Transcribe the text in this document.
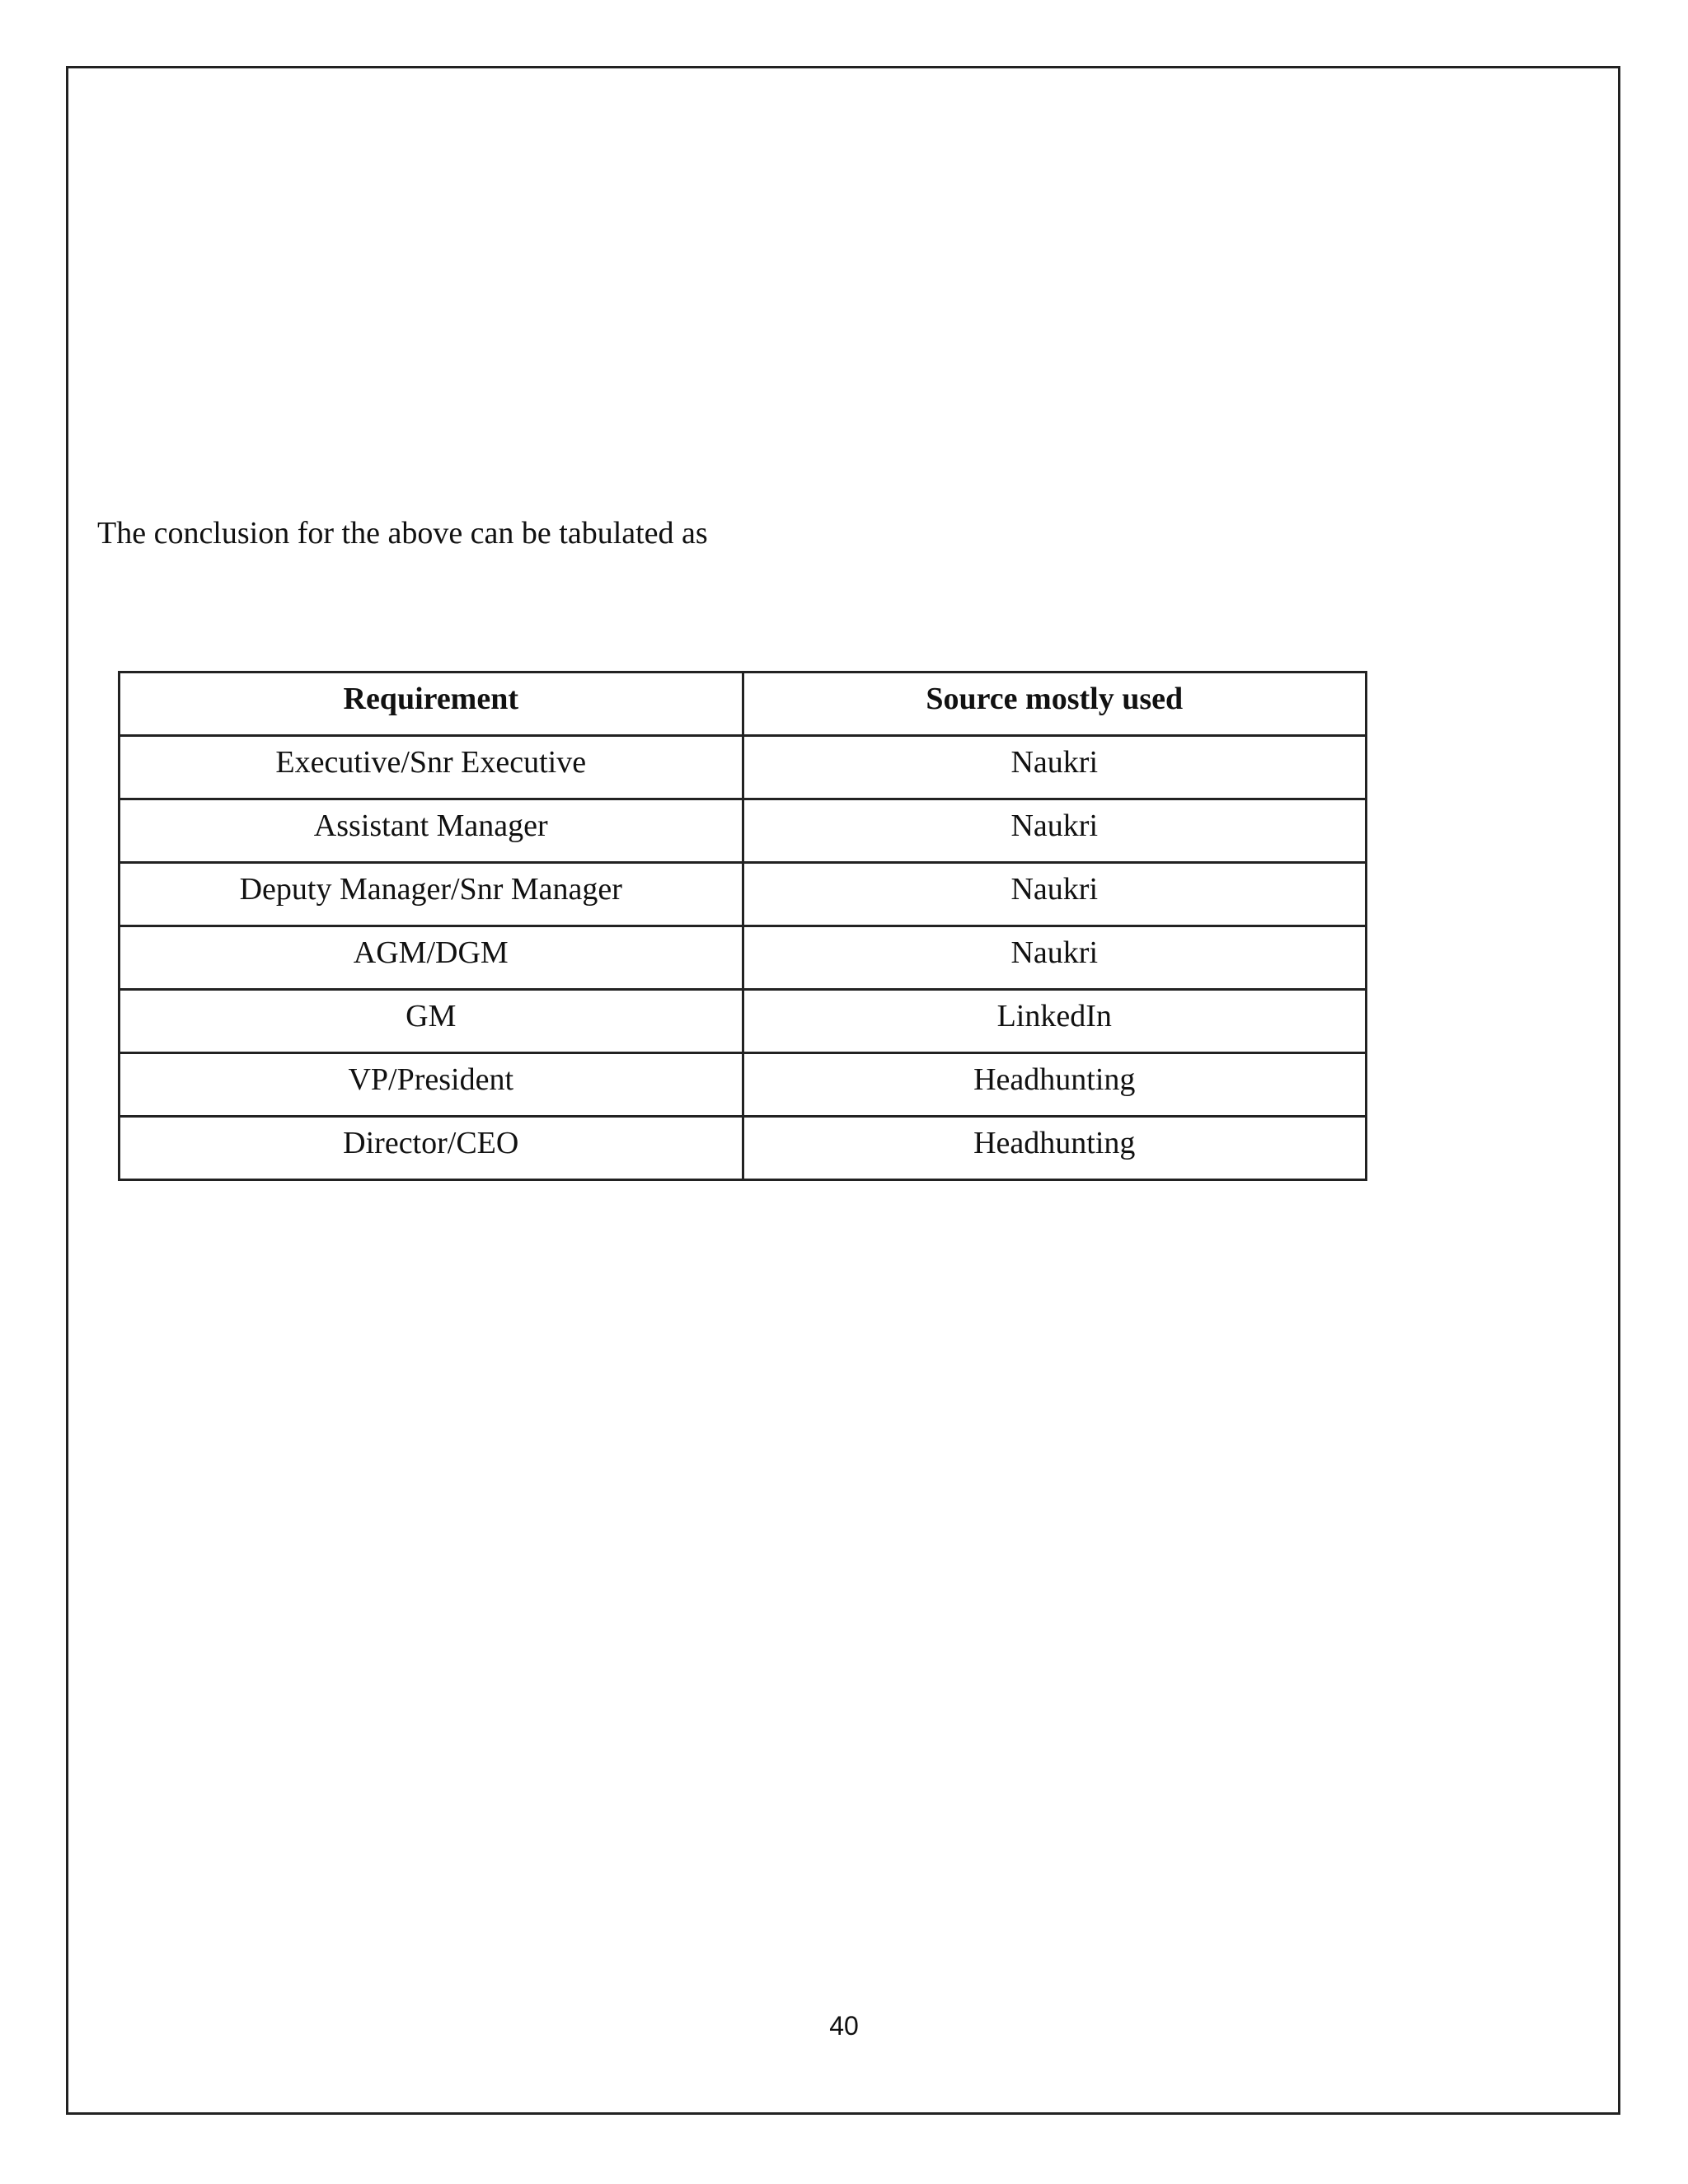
The conclusion for the above can be tabulated as
Requirement	Source mostly used
Executive/Snr Executive	Naukri
Assistant Manager	Naukri
Deputy Manager/Snr Manager	Naukri
AGM/DGM	Naukri
GM	LinkedIn
VP/President	Headhunting
Director/CEO	Headhunting
40
